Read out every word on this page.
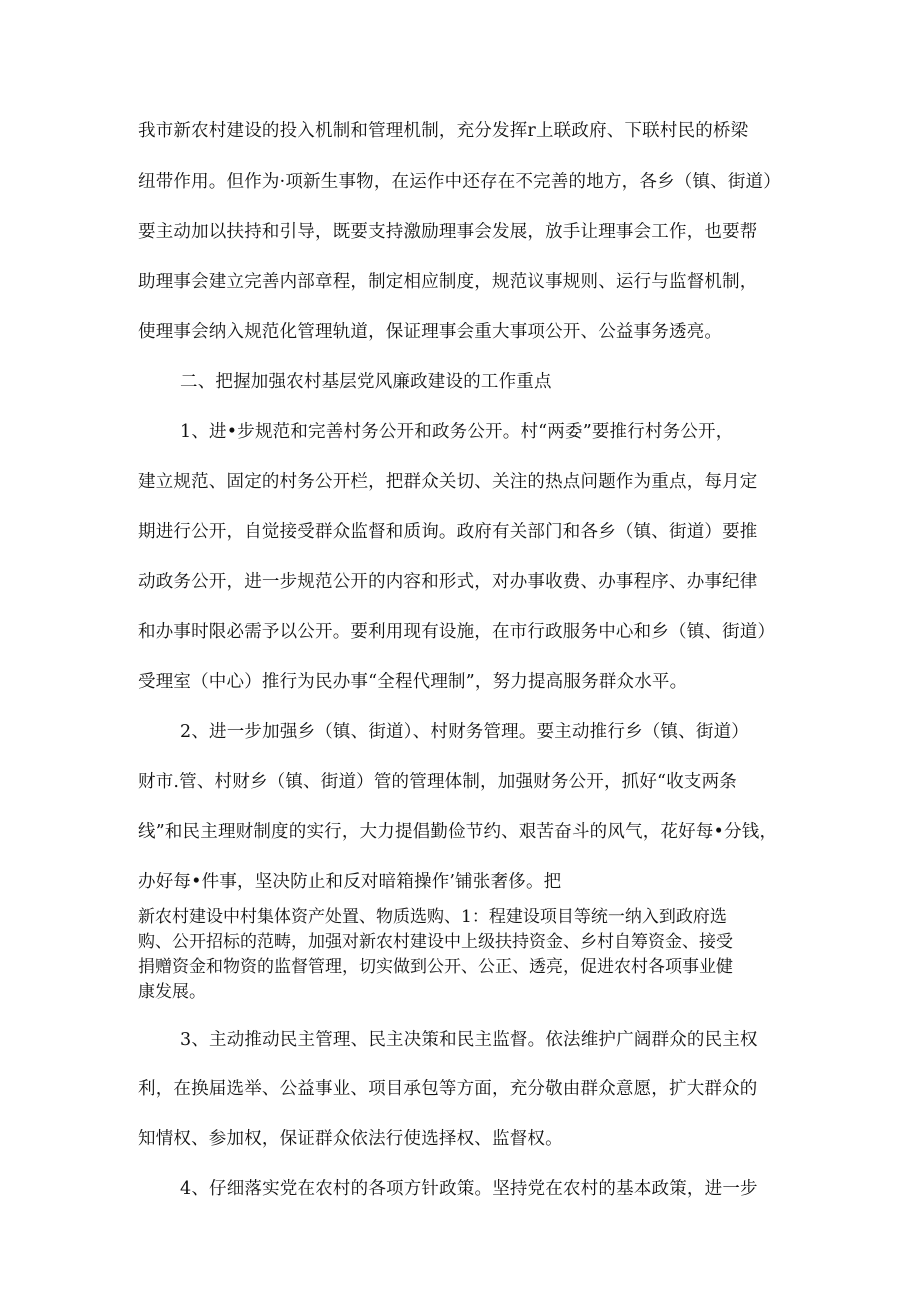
我市新农村建设的投入机制和管理机制，充分发挥r上联政府、下联村民的桥梁
纽带作用。但作为·项新生事物，在运作中还存在不完善的地方，各乡（镇、街道）
要主动加以扶持和引导，既要支持激励理事会发展，放手让理事会工作，也要帮
助理事会建立完善内部章程，制定相应制度，规范议事规则、运行与监督机制，
使理事会纳入规范化管理轨道，保证理事会重大事项公开、公益事务透亮。
二、把握加强农村基层党风廉政建设的工作重点
1、进•步规范和完善村务公开和政务公开。村“两委”要推行村务公开，
建立规范、固定的村务公开栏，把群众关切、关注的热点问题作为重点，每月定
期进行公开，自觉接受群众监督和质询。政府有关部门和各乡（镇、街道）要推
动政务公开，进一步规范公开的内容和形式，对办事收费、办事程序、办事纪律
和办事时限必需予以公开。要利用现有设施，在市行政服务中心和乡（镇、街道）
受理室（中心）推行为民办事“全程代理制”，努力提高服务群众水平。
2、进一步加强乡（镇、街道）、村财务管理。要主动推行乡（镇、街道）
财市.管、村财乡（镇、街道）管的管理体制，加强财务公开，抓好“收支两条
线”和民主理财制度的实行，大力提倡勤俭节约、艰苦奋斗的风气，花好每•分钱，
办好每•件事，坚决防止和反对暗箱操作’铺张奢侈。把
新农村建设中村集体资产处置、物质选购、1：程建设项目等统一纳入到政府选
购、公开招标的范畴，加强对新农村建设中上级扶持资金、乡村自筹资金、接受
捐赠资金和物资的监督管理，切实做到公开、公正、透亮，促进农村各项事业健
康发展。
3、主动推动民主管理、民主决策和民主监督。依法维护广阔群众的民主权
利，在换届选举、公益事业、项目承包等方面，充分敬由群众意愿，扩大群众的
知情权、参加权，保证群众依法行使选择权、监督权。
4、仔细落实党在农村的各项方针政策。坚持党在农村的基本政策，进一步
